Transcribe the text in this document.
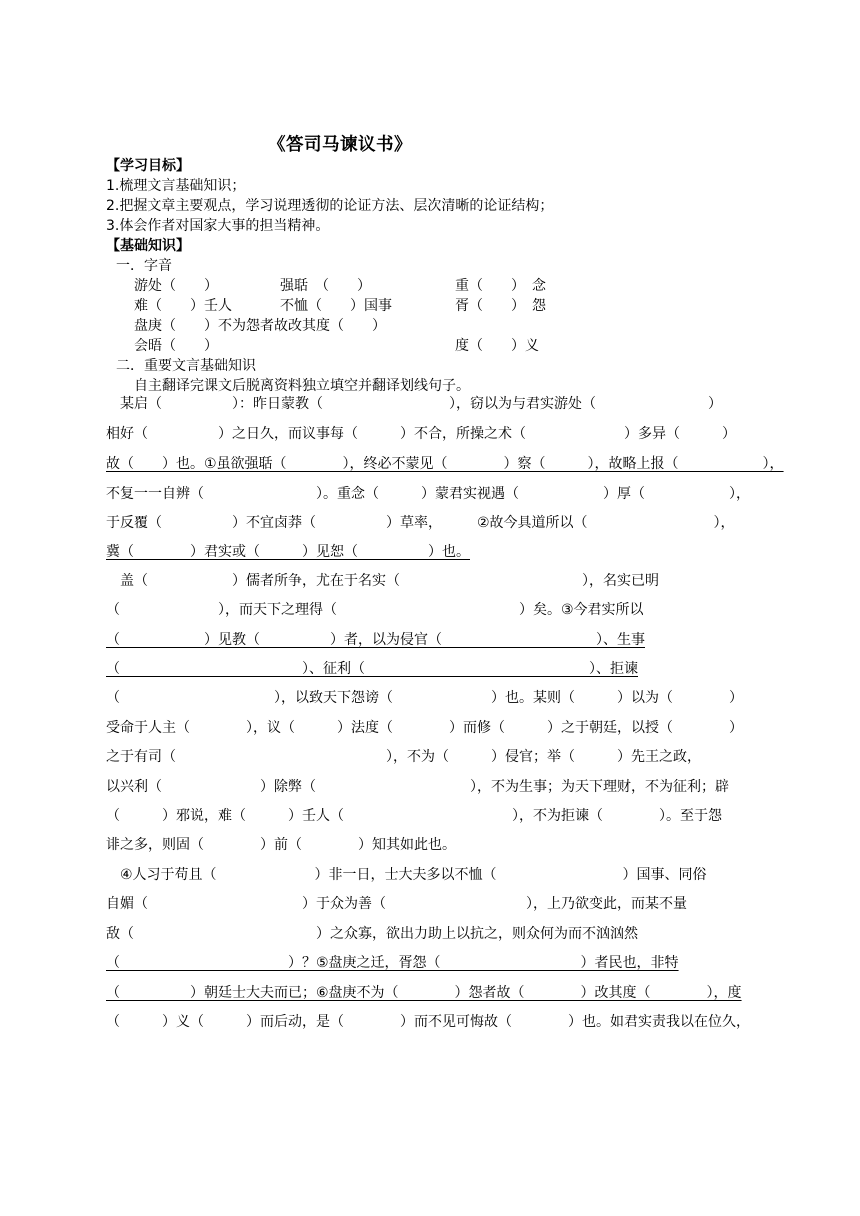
《答司马谏议书》
【学习目标】
1.梳理文言基础知识；
2.把握文章主要观点，学习说理透彻的论证方法、层次清晰的论证结构；
3.体会作者对国家大事的担当精神。
【基础知识】
一．字音
游处（　　）	强聒　（　　）	重（　　）　念
难（　　）壬人	不恤（　　）国事	胥（　　）　怨
盘庚（　　）不为怨者故改其度（　　）
会晤（　　）	度（　　）义
二．重要文言基础知识
自主翻译完课文后脱离资料独立填空并翻译划线句子。
　某启（　　　　　）：昨日蒙教（　　　　　　　　　），窃以为与君实游处（　　　　　　　　）
相好（　　　　　）之日久，而议事每（　　　）不合，所操之术（　　　　　　　）多异（　　　）
故（　　）也。①虽欲强聒（　　　　），终必不蒙见（　　　　）察（　　　），故略上报（　　　　　　），
不复一一自辨（　　　　　　　　）。重念（　　　）蒙君实视遇（　　　　　　）厚（　　　　　　），
于反覆（　　　　　）不宜卤莽（　　　　　）草率，　　　②故今具道所以（　　　　　　　　　），
冀（　　　　）君实或（　　　）见恕（　　　　　）也。
　盖（　　　　　　）儒者所争，尤在于名实（　　　　　　　　　　　　　），名实已明
（　　　　　　　），而天下之理得（　　　　　　　　　　　　　）矣。③今君实所以
（　　　　　　）见教（　　　　　）者，以为侵官（　　　　　　　　　　　）、生事
（　　　　　　　　　　　　　）、征利（　　　　　　　　　　　　　　　　）、拒谏
（　　　　　　　　　　　），以致天下怨谤（　　　　　　　）也。某则（　　　）以为（　　　　）
受命于人主（　　　　），议（　　　）法度（　　　　）而修（　　　）之于朝廷，以授（　　　　）
之于有司（　　　　　　　　　　　　　　　），不为（　　　）侵官；举（　　　）先王之政，
以兴利（　　　　　　　）除弊（　　　　　　　　　　　），不为生事；为天下理财，不为征利；辟
（　　　）邪说，难（　　　）壬人（　　　　　　　　　　　　），不为拒谏（　　　　）。至于怨
诽之多，则固（　　　　）前（　　　　）知其如此也。
　④人习于苟且（　　　　　　　）非一日，士大夫多以不恤（　　　　　　　　　）国事、同俗
自媚（　　　　　　　　　　　）于众为善（　　　　　　　　　　），上乃欲变此，而某不量
敌（　　　　　　　　　　　　　）之众寡，欲出力助上以抗之，则众何为而不汹汹然
（　　　　　　　　　　　　）？⑤盘庚之迁，胥怨（　　　　　　　　　　）者民也，非特
（　　　　　）朝廷士大夫而已；⑥盘庚不为（　　　　）怨者故（　　　　）改其度（　　　　），度
（　　　）义（　　　）而后动，是（　　　　）而不见可悔故（　　　　）也。如君实责我以在位久，
